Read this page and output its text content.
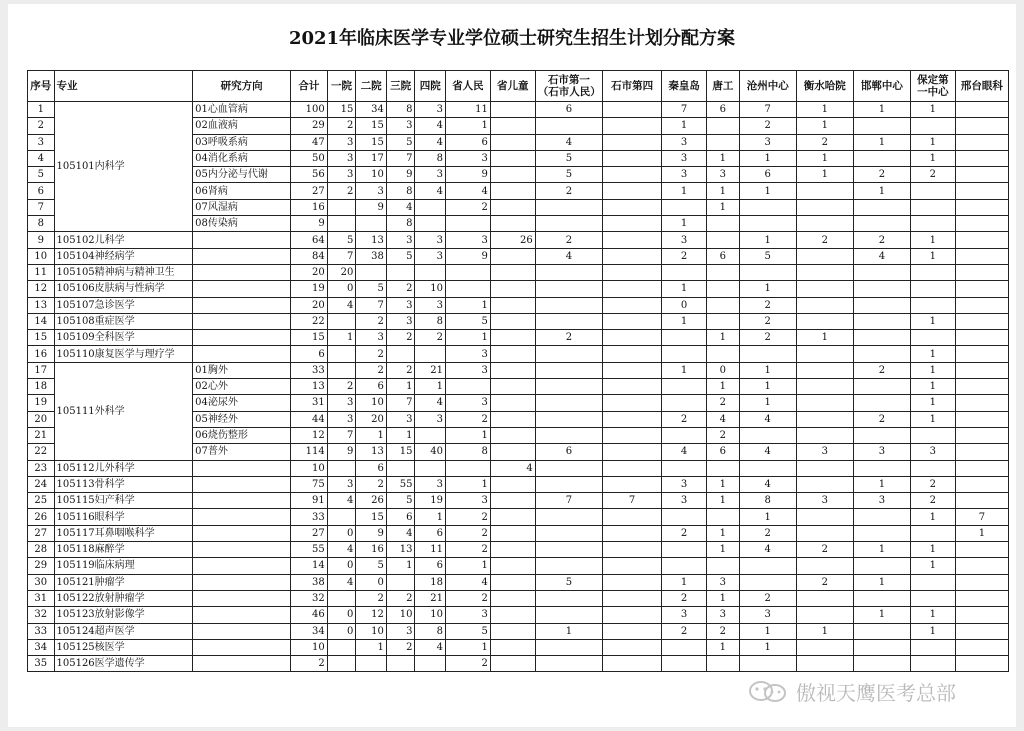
2021年临床医学专业学位硕士研究生招生计划分配方案
序号	专业	研究方向	合计	一院	二院	三院	四院	省人民	省儿童	石市第一（石市人民）	石市第四	秦皇岛	唐工	沧州中心	衡水哈院	邯郸中心	保定第一中心	邢台眼科
1	105101内科学	01心血管病	100	15	34	8	3	11		6		7	6	7	1	1	1	
2		02血液病	29	2	15	3	4	1				1		2	1			
3		03呼吸系病	47	3	15	5	4	6		4		3		3	2	1	1	
4		04消化系病	50	3	17	7	8	3		5		3	1	1	1		1	
5		05内分泌与代谢	56	3	10	9	3	9		5		3	3	6	1	2	2	
6		06肾病	27	2	3	8	4	4		2		1	1	1		1		
7		07风湿病	16		9	4		2					1					
8		08传染病	9			8						1						
9	105102儿科学		64	5	13	3	3	3	26	2		3		1	2	2	1	
10	105104神经病学		84	7	38	5	3	9		4		2	6	5		4	1	
11	105105精神病与精神卫生		20	20														
12	105106皮肤病与性病学		19	0	5	2	10					1		1				
13	105107急诊医学		20	4	7	3	3	1				0		2				
14	105108重症医学		22		2	3	8	5				1		2			1	
15	105109全科医学		15	1	3	2	2	1		2			1	2	1			
16	105110康复医学与理疗学		6		2			3									1	
17	105111外科学	01胸外	33		2	2	21	3				1	0	1		2	1	
18		02心外	13	2	6	1	1						1	1			1	
19		04泌尿外	31	3	10	7	4	3					2	1			1	
20		05神经外	44	3	20	3	3	2				2	4	4		2	1	
21		06烧伤整形	12	7	1	1		1					2					
22		07普外	114	9	13	15	40	8		6		4	6	4	3	3	3	
23	105112儿外科学		10		6				4									
24	105113骨科学		75	3	2	55	3	1				3	1	4		1	2	
25	105115妇产科学		91	4	26	5	19	3		7	7	3	1	8	3	3	2	
26	105116眼科学		33		15	6	1	2						1			1	7
27	105117耳鼻咽喉科学		27	0	9	4	6	2				2	1	2				1
28	105118麻醉学		55	4	16	13	11	2					1	4	2	1	1	
29	105119临床病理		14	0	5	1	6	1									1	
30	105121肿瘤学		38	4	0		18	4		5		1	3		2	1		
31	105122放射肿瘤学		32		2	2	21	2				2	1	2				
32	105123放射影像学		46	0	12	10	10	3				3	3	3		1	1	
33	105124超声医学		34	0	10	3	8	5		1		2	2	1	1		1	
34	105125核医学		10		1	2	4	1					1	1				
35	105126医学遗传学		2					2										
傲视天鹰医考总部
